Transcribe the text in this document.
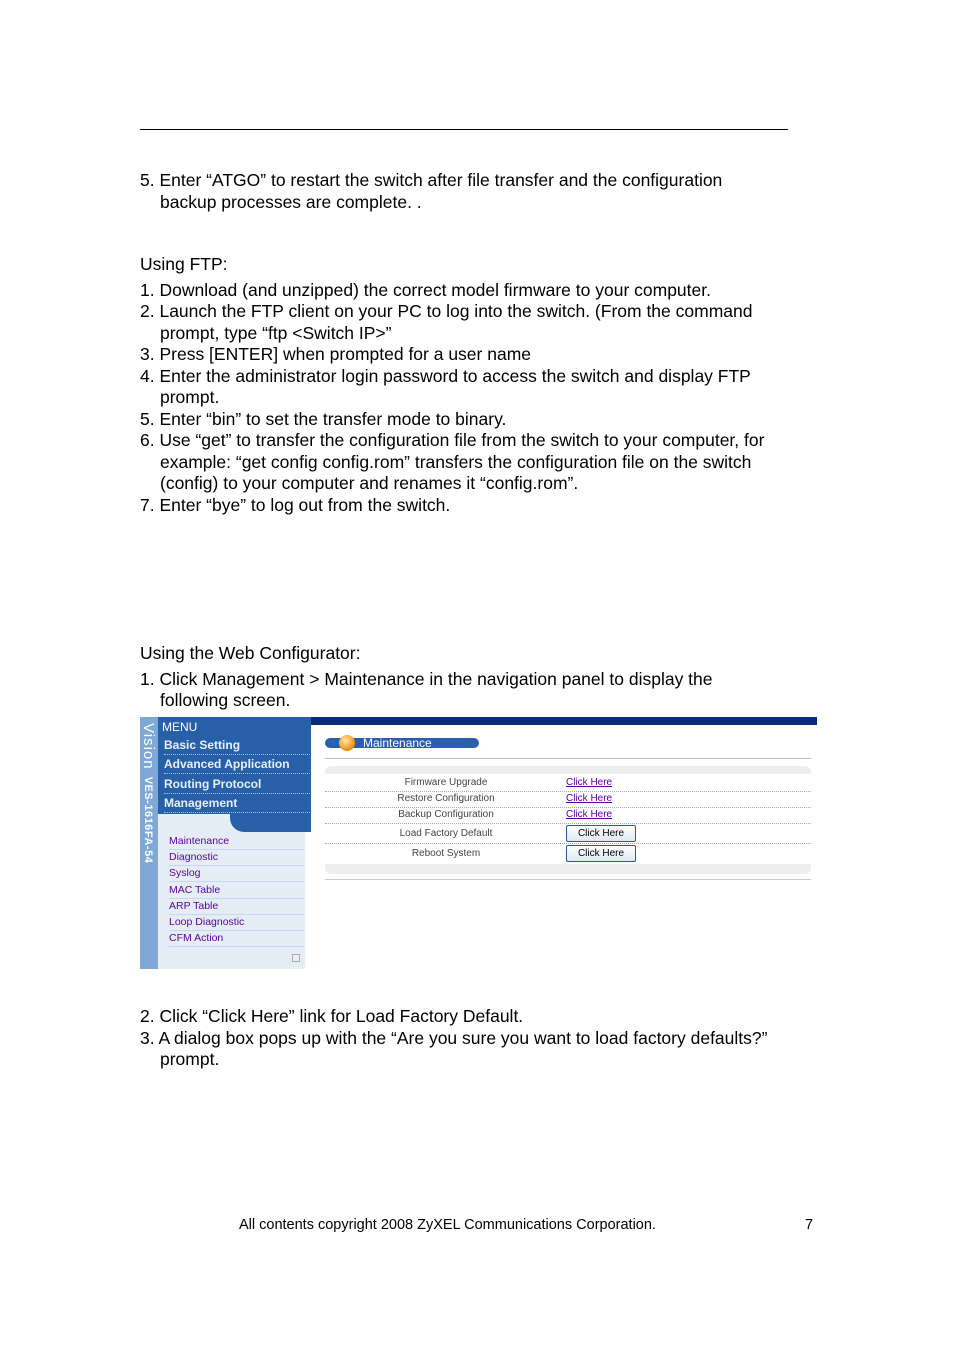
5. Enter “ATGO” to restart the switch after file transfer and the configuration
backup processes are complete. .
Using FTP:
1. Download (and unzipped) the correct model firmware to your computer.
2. Launch the FTP client on your PC to log into the switch. (From the command
prompt, type “ftp <Switch IP>”
3. Press [ENTER] when prompted for a user name
4. Enter the administrator login password to access the switch and display FTP
prompt.
5. Enter “bin” to set the transfer mode to binary.
6. Use “get” to transfer the configuration file from the switch to your computer, for
example: “get config config.rom” transfers the configuration file on the switch
(config) to your computer and renames it “config.rom”.
7. Enter “bye” to log out from the switch.
Using the Web Configurator:
1. Click Management > Maintenance in the navigation panel to display the
following screen.
Vision  VES-1616FA-54
MENU
Basic Setting
Advanced Application
Routing Protocol
Management
Maintenance
Diagnostic
Syslog
MAC Table
ARP Table
Loop Diagnostic
CFM Action
Maintenance
Firmware Upgrade	Click Here
Restore Configuration	Click Here
Backup Configuration	Click Here
Load Factory Default	Click Here
Reboot System	Click Here
2. Click “Click Here” link for Load Factory Default.
3. A dialog box pops up with the “Are you sure you want to load factory defaults?”
prompt.
All contents copyright 2008 ZyXEL Communications Corporation.	7
